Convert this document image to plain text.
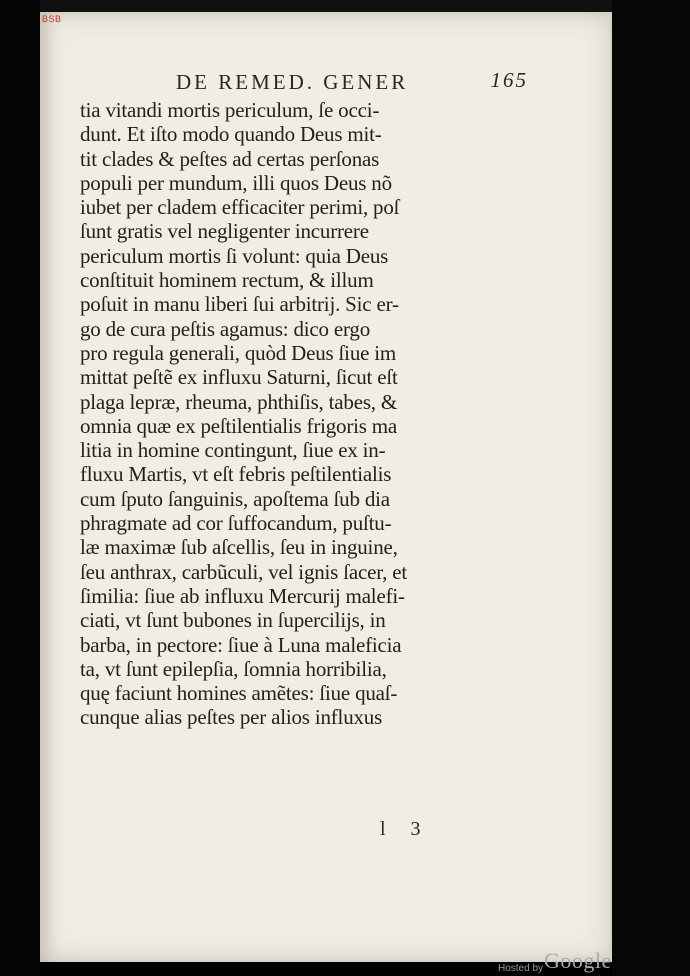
BSB
DE REMED. GENER	165
tia vitandi mortis periculum, ſe occi-
dunt. Et iſto modo quando Deus mit-
tit clades & peſtes ad certas perſonas
populi per mundum, illi quos Deus nõ
iubet per cladem efficaciter perimi, poſ
ſunt gratis vel negligenter incurrere
periculum mortis ſi volunt: quia Deus
conſtituit hominem rectum, & illum
poſuit in manu liberi ſui arbitrij. Sic er-
go de cura peſtis agamus: dico ergo
pro regula generali, quòd Deus ſiue im
mittat peſtẽ ex influxu Saturni, ſicut eſt
plaga lepræ, rheuma, phthiſis, tabes, &
omnia quæ ex peſtilentialis frigoris ma
litia in homine contingunt, ſiue ex in-
fluxu Martis, vt eſt febris peſtilentialis
cum ſputo ſanguinis, apoſtema ſub dia
phragmate ad cor ſuffocandum, puſtu-
læ maximæ ſub aſcellis, ſeu in inguine,
ſeu anthrax, carbũculi, vel ignis ſacer, et
ſimilia: ſiue ab influxu Mercurij malefi-
ciati, vt ſunt bubones in ſupercilijs, in
barba, in pectore: ſiue à Luna maleficia
ta, vt ſunt epilepſia, ſomnia horribilia,
quę faciunt homines amẽtes: ſiue quaſ-
cunque alias peſtes per alios influxus
l 3
Hosted by Google
